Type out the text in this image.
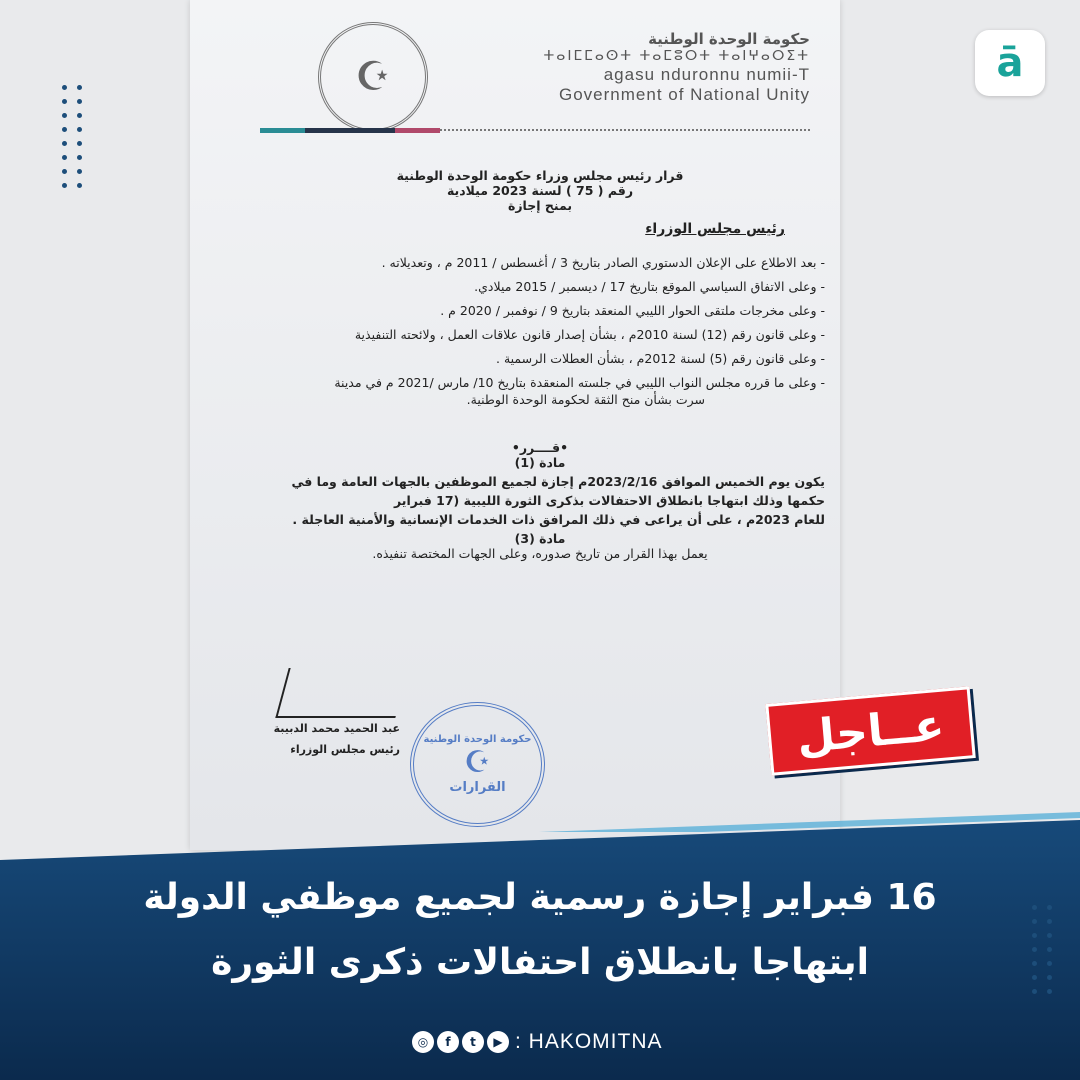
☪
حكومة الوحدة الوطنية
ⵜⴰⵏⵎⵎⴰⵙⵜ ⵜⴰⵎⵓⵔⵜ ⵜⴰⵏⵖⴰⵔⵉⵜ
agasu nduronnu numii-T
Government of National Unity
قرار رئيس مجلس وزراء حكومة الوحدة الوطنية
رقم ( 75 ) لسنة 2023 ميلادية
بمنح إجازة
رئيس مجلس الوزراء
- بعد الاطلاع على الإعلان الدستوري الصادر بتاريخ 3 / أغسطس / 2011 م ، وتعديلاته .
- وعلى الاتفاق السياسي الموقع بتاريخ 17 / ديسمبر / 2015 ميلادي.
- وعلى مخرجات ملتقى الحوار الليبي المنعقد بتاريخ 9 / نوفمبر / 2020 م .
- وعلى قانون رقم (12) لسنة 2010م ، بشأن إصدار قانون علاقات العمل ، ولائحته التنفيذية
- وعلى قانون رقم (5) لسنة 2012م ، بشأن العطلات الرسمية .
- وعلى ما قرره مجلس النواب الليبي في جلسته المنعقدة بتاريخ 10/ مارس /2021 م في مدينة
سرت بشأن منح الثقة لحكومة الوحدة الوطنية.
•قــــرر•
مادة (1)
يكون يوم الخميس الموافق 2023/2/16م إجازة لجميع الموظفين بالجهات العامة وما في
حكمها وذلك ابتهاجا بانطلاق الاحتفالات بذكرى الثورة الليبية (17 فبراير
للعام 2023م ، على أن يراعى في ذلك المرافق ذات الخدمات الإنسانية والأمنية العاجلة .
مادة (3)
يعمل بهذا القرار من تاريخ صدوره، وعلى الجهات المختصة تنفيذه.
عبد الحميد محمد الدبيبة
رئيس مجلس الوزراء
حكومة الوحدة الوطنية
☪
القرارات
عــاجل
16 فبراير إجازة رسمية لجميع موظفي الدولة
ابتهاجا بانطلاق احتفالات ذكرى الثورة
◎	f	t	▶ : HAKOMITNA
ā
